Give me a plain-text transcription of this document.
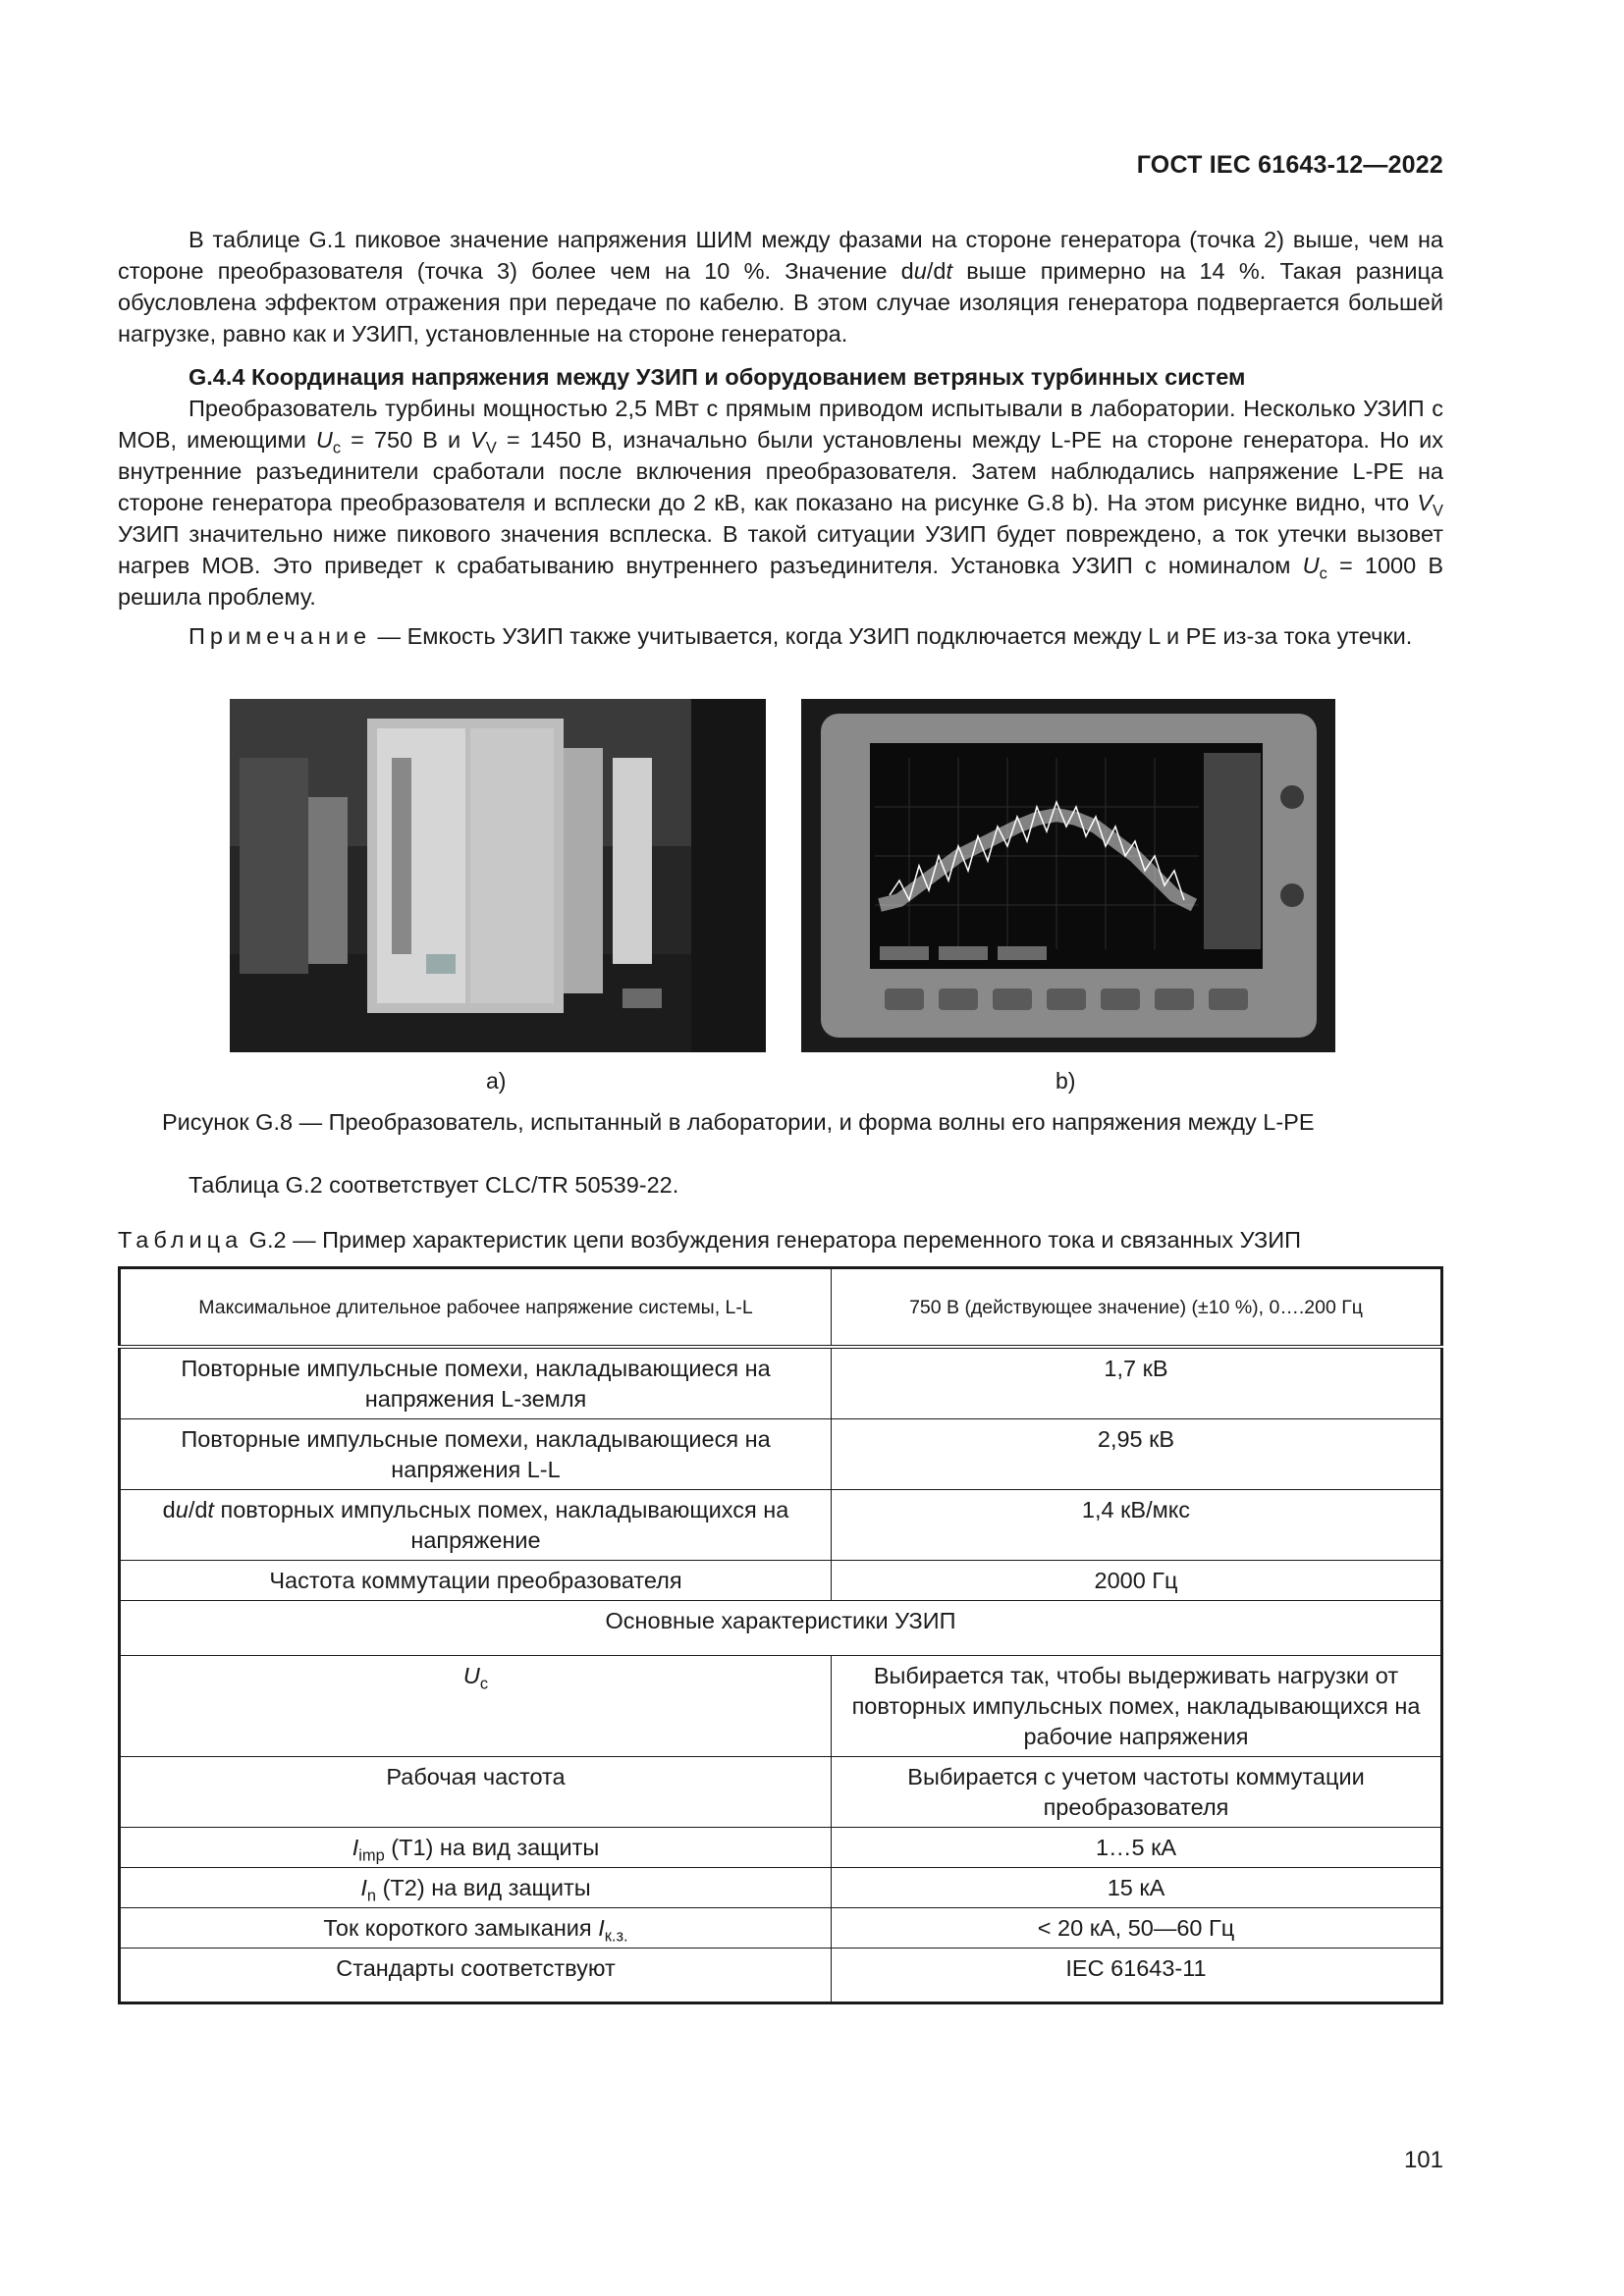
ГОСТ IEC 61643-12—2022

В таблице G.1 пиковое значение напряжения ШИМ между фазами на стороне генератора (точка 2) выше, чем на стороне преобразователя (точка 3) более чем на 10 %. Значение du/dt выше примерно на 14 %. Такая разница обусловлена эффектом отражения при передаче по кабелю. В этом случае изоляция генератора подвергается большей нагрузке, равно как и УЗИП, установленные на стороне генератора.

G.4.4 Координация напряжения между УЗИП и оборудованием ветряных турбинных систем

Преобразователь турбины мощностью 2,5 МВт с прямым приводом испытывали в лаборатории. Несколько УЗИП с МОВ, имеющими $U_c = 750$ В и $V_V = 1450$ В, изначально были установлены между L-PE на стороне генератора. Но их внутренние разъединители сработали после включения преобразователя. Затем наблюдались напряжение L-PE на стороне генератора преобразователя и всплески до 2 кВ, как показано на рисунке G.8 b). На этом рисунке видно, что $V_V$ УЗИП значительно ниже пикового значения всплеска. В такой ситуации УЗИП будет повреждено, а ток утечки вызовет нагрев МОВ. Это приведет к срабатыванию внутреннего разъединителя. Установка УЗИП с номиналом $U_c = 1000$ В решила проблему.

Примечание — Емкость УЗИП также учитывается, когда УЗИП подключается между L и PE из-за тока утечки.

a)	b)
Рисунок G.8 — Преобразователь, испытанный в лаборатории, и форма волны его напряжения между L-PE
Таблица G.2 соответствует CLC/TR 50539-22.
Таблица G.2 — Пример характеристик цепи возбуждения генератора переменного тока и связанных УЗИП
Максимальное длительное рабочее напряжение системы, L-L	750 В (действующее значение) (±10 %), 0….200 Гц
Повторные импульсные помехи, накладывающиеся на напряжения L-земля	1,7 кВ
Повторные импульсные помехи, накладывающиеся на напряжения L-L	2,95 кВ
du/dt повторных импульсных помех, накладывающихся на напряжение	1,4 кВ/мкс
Частота коммутации преобразователя	2000 Гц
Основные характеристики УЗИП	
$U_c$	Выбирается так, чтобы выдерживать нагрузки от повторных импульсных помех, накладывающихся на рабочие напряжения
Рабочая частота	Выбирается с учетом частоты коммутации преобразователя
$I_{imp}$ (T1) на вид защиты	1…5 кА
$I_n$ (T2) на вид защиты	15 кА
Ток короткого замыкания $I_{к.з.}$	< 20 кА, 50—60 Гц
Стандарты соответствуют	IEC 61643-11
101
